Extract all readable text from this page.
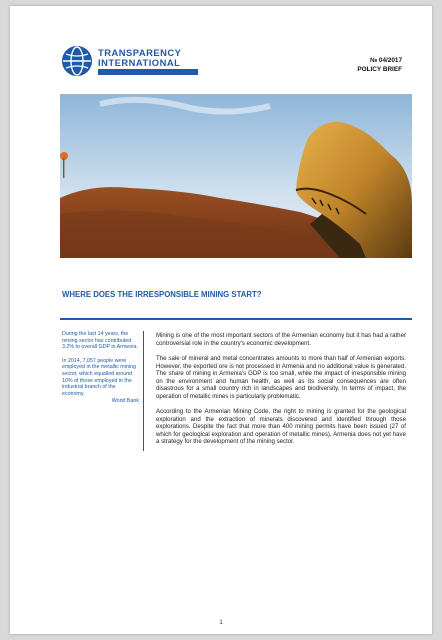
TRANSPARENCY
INTERNATIONAL	№ 04/2017
POLICY BRIEF
WHERE DOES THE IRRESPONSIBLE MINING START?

During the last 14 years, the mining sector has contributed 3.2% to overall GDP in Armenia.

In 2014, 7,057 people were employed in the metallic mining sector, which equalled around 10% of those employed in the industrial branch of the economy.

World Bank

Mining is one of the most important sectors of the Armenian economy but it has had a rather controversial role in the country's economic development.

The sale of mineral and metal concentrates amounts to more than half of Armenian exports. However, the exported ore is not processed in Armenia and no additional value is generated. The share of mining in Armenia's GDP is too small, while the impact of irresponsible mining on the environment and human health, as well as its social consequences are often disastrous for a small country rich in landscapes and biodiversity. In terms of impact, the operation of metallic mines is particularly problematic.

According to the Armenian Mining Code, the right to mining is granted for the geological exploration and the extraction of minerals discovered and identified through those explorations. Despite the fact that more than 400 mining permits have been issued (27 of which for geological exploration and operation of metallic mines), Armenia does not yet have a strategy for the development of the mining sector.

1
